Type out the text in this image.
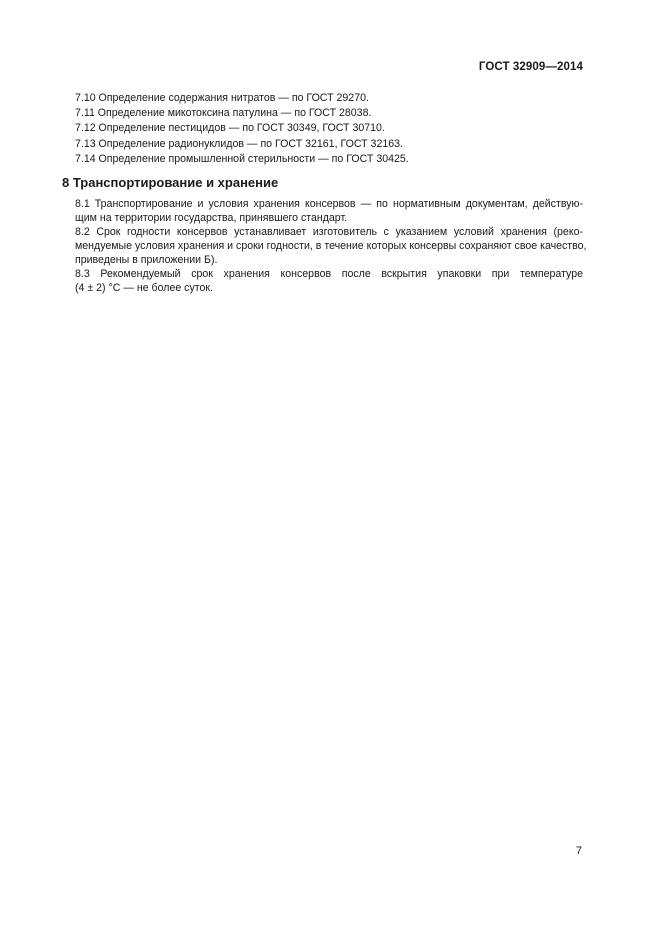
ГОСТ 32909—2014
7.10 Определение содержания нитратов — по ГОСТ 29270.
7.11 Определение микотоксина патулина — по ГОСТ 28038.
7.12 Определение пестицидов — по ГОСТ 30349, ГОСТ 30710.
7.13 Определение радионуклидов — по ГОСТ 32161, ГОСТ 32163.
7.14 Определение промышленной стерильности — по ГОСТ 30425.
8 Транспортирование и хранение

8.1 Транспортирование и условия хранения консервов — по нормативным документам, действую-
щим на территории государства, принявшего стандарт.

8.2 Срок годности консервов устанавливает изготовитель с указанием условий хранения (реко-
мендуемые условия хранения и сроки годности, в течение которых консервы сохраняют свое качество,
приведены в приложении Б).

8.3 Рекомендуемый срок хранения консервов после вскрытия упаковки при температуре
(4 ± 2) °С — не более суток.

7
